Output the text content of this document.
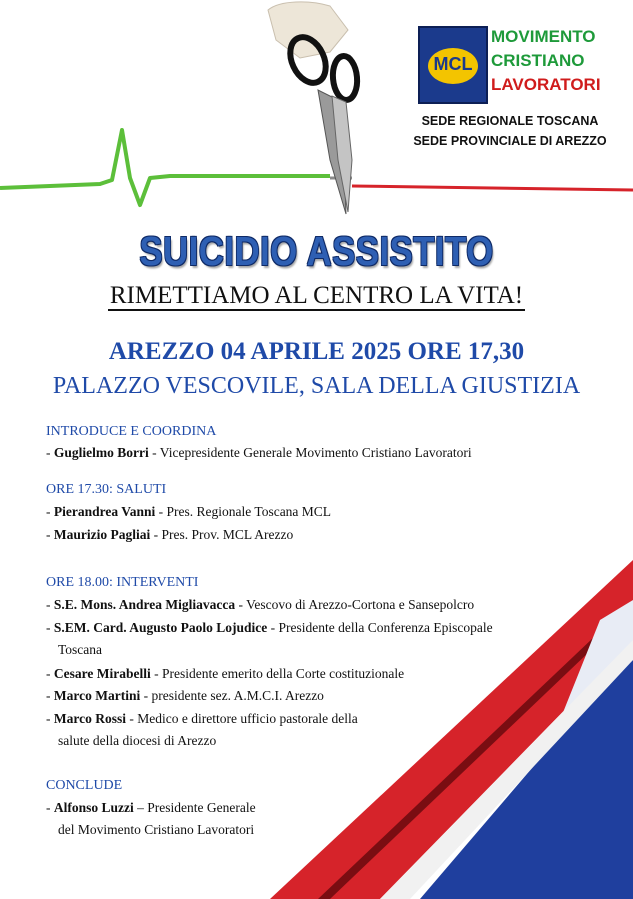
MCL
MOVIMENTO
CRISTIANO
LAVORATORI
SEDE REGIONALE TOSCANA
SEDE PROVINCIALE DI AREZZO
SUICIDIO ASSISTITO
RIMETTIAMO AL CENTRO LA VITA!
AREZZO 04 APRILE 2025 ORE 17,30
PALAZZO VESCOVILE, SALA DELLA GIUSTIZIA
INTRODUCE E COORDINA
- Guglielmo Borri - Vicepresidente Generale Movimento Cristiano Lavoratori
ORE 17.30: SALUTI
- Pierandrea Vanni - Pres. Regionale Toscana MCL
- Maurizio Pagliai - Pres. Prov. MCL Arezzo
ORE 18.00: INTERVENTI
- S.E. Mons. Andrea Migliavacca - Vescovo di Arezzo-Cortona e Sansepolcro
- S.EM. Card. Augusto Paolo Lojudice - Presidente della Conferenza Episcopale
Toscana
- Cesare Mirabelli - Presidente emerito della Corte costituzionale
- Marco Martini - presidente sez. A.M.C.I. Arezzo
- Marco Rossi - Medico e direttore ufficio pastorale della
salute della diocesi di Arezzo
CONCLUDE
- Alfonso Luzzi – Presidente Generale
del Movimento Cristiano Lavoratori
